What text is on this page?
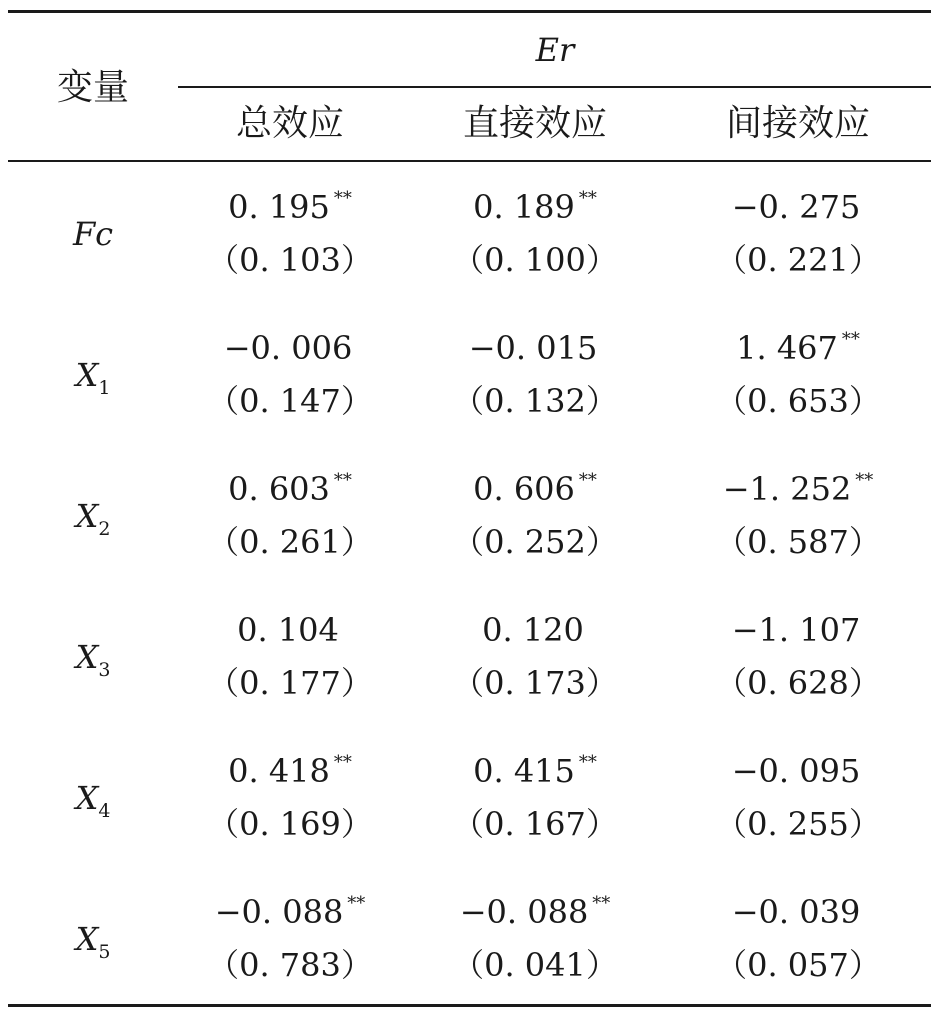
变量
Er
总效应	直接效应	间接效应
Fc
0. 195 **
（0. 103）
0. 189 **
（0. 100）
−0. 275
（0. 221）
$X_1$
−0. 006
（0. 147）
−0. 015
（0. 132）
1. 467 **
（0. 653）
$X_2$
0. 603 **
（0. 261）
0. 606 **
（0. 252）
−1. 252 **
（0. 587）
$X_3$
0. 104
（0. 177）
0. 120
（0. 173）
−1. 107
（0. 628）
$X_4$
0. 418 **
（0. 169）
0. 415 **
（0. 167）
−0. 095
（0. 255）
$X_5$
−0. 088 **
（0. 783）
−0. 088 **
（0. 041）
−0. 039
（0. 057）
